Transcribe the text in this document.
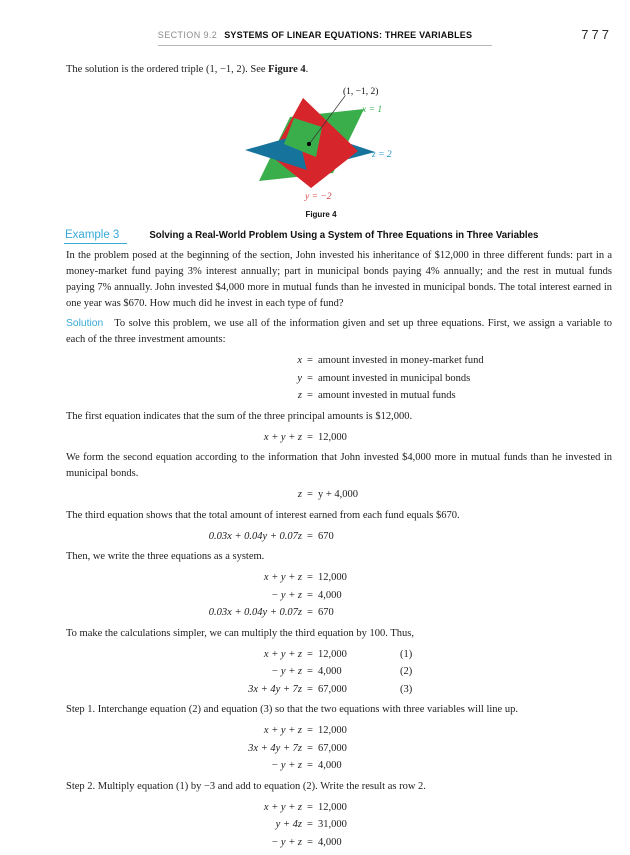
SECTION 9.2 SYSTEMS OF LINEAR EQUATIONS: THREE VARIABLES	777

The solution is the ordered triple (1, −1, 2). See Figure 4.

(1, −1, 2)
x = 1
z = 2
y = −2
Figure 4
Example 3	Solving a Real-World Problem Using a System of Three Equations in Three Variables

In the problem posed at the beginning of the section, John invested his inheritance of $12,000 in three different funds: part in a money-market fund paying 3% interest annually; part in municipal bonds paying 4% annually; and the rest in mutual funds paying 7% annually. John invested $4,000 more in mutual funds than he invested in municipal bonds. The total interest earned in one year was $670. How much did he invest in each type of fund?

Solution To solve this problem, we use all of the information given and set up three equations. First, we assign a variable to each of the three investment amounts:

x = amount invested in money-market fund
y = amount invested in municipal bonds
z = amount invested in mutual funds

The first equation indicates that the sum of the three principal amounts is $12,000.

x + y + z = 12,000

We form the second equation according to the information that John invested $4,000 more in mutual funds than he invested in municipal bonds.

z = y + 4,000

The third equation shows that the total amount of interest earned from each fund equals $670.

0.03x + 0.04y + 0.07z = 670

Then, we write the three equations as a system.

x + y + z = 12,000
− y + z = 4,000
0.03x + 0.04y + 0.07z = 670

To make the calculations simpler, we can multiply the third equation by 100. Thus,

x + y + z = 12,000	(1)
− y + z = 4,000	(2)
3x + 4y + 7z = 67,000	(3)

Step 1. Interchange equation (2) and equation (3) so that the two equations with three variables will line up.

x + y + z = 12,000
3x + 4y + 7z = 67,000
− y + z = 4,000

Step 2. Multiply equation (1) by −3 and add to equation (2). Write the result as row 2.

x + y + z = 12,000
y + 4z = 31,000
− y + z = 4,000
